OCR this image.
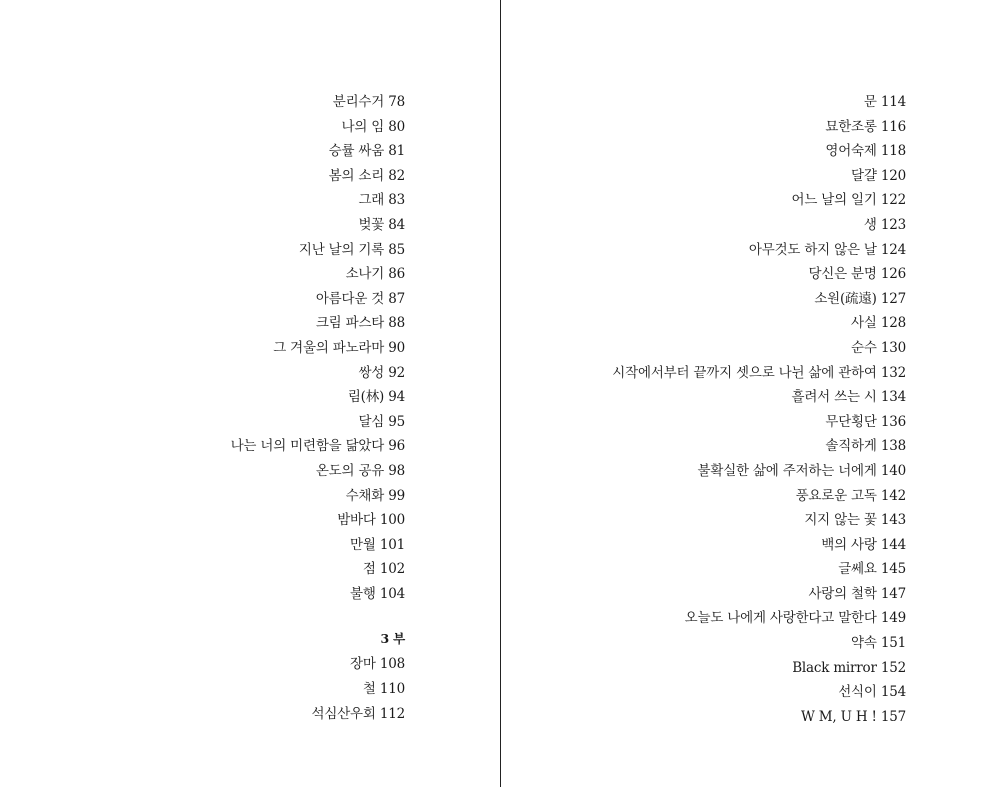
분리수거 78
나의 임 80
승률 싸움 81
봄의 소리 82
그래 83
벚꽃 84
지난 날의 기록 85
소나기 86
아름다운 것 87
크림 파스타 88
그 겨울의 파노라마 90
쌍성 92
림(林) 94
달심 95
나는 너의 미련함을 닮았다 96
온도의 공유 98
수채화 99
밤바다 100
만월 101
점 102
불행 104
3 부
장마 108
철 110
석심산우회 112
문 114
묘한조롱 116
영어숙제 118
달걀 120
어느 날의 일기 122
생 123
아무것도 하지 않은 날 124
당신은 분명 126
소원(疏遠) 127
사실 128
순수 130
시작에서부터 끝까지 셋으로 나뉜 삶에 관하여 132
흘려서 쓰는 시 134
무단횡단 136
솔직하게 138
불확실한 삶에 주저하는 너에게 140
풍요로운 고독 142
지지 않는 꽃 143
백의 사랑 144
글쎄요 145
사랑의 철학 147
오늘도 나에게 사랑한다고 말한다 149
약속 151
Black mirror 152
선식이 154
W M, U H ! 157
